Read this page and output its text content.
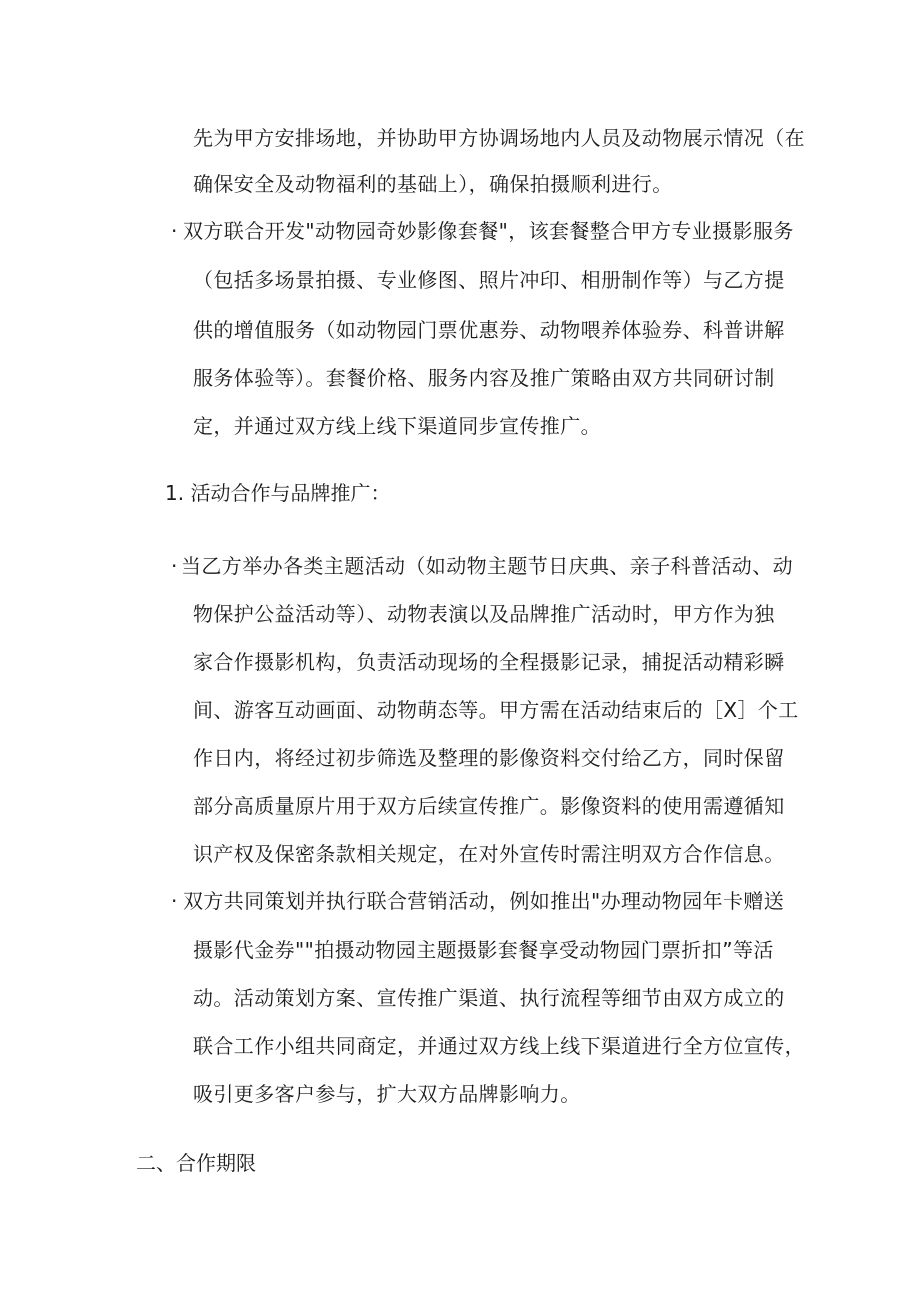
先为甲方安排场地，并协助甲方协调场地内人员及动物展示情况（在
确保安全及动物福利的基础上），确保拍摄顺利进行。
· 双方联合开发"动物园奇妙影像套餐"，该套餐整合甲方专业摄影服务
（包括多场景拍摄、专业修图、照片冲印、相册制作等）与乙方提
供的增值服务（如动物园门票优惠券、动物喂养体验券、科普讲解
服务体验等）。套餐价格、服务内容及推广策略由双方共同研讨制
定，并通过双方线上线下渠道同步宣传推广。
1. 活动合作与品牌推广：
· 当乙方举办各类主题活动（如动物主题节日庆典、亲子科普活动、动
物保护公益活动等）、动物表演以及品牌推广活动时，甲方作为独
家合作摄影机构，负责活动现场的全程摄影记录，捕捉活动精彩瞬
间、游客互动画面、动物萌态等。甲方需在活动结束后的［X］个工
作日内，将经过初步筛选及整理的影像资料交付给乙方，同时保留
部分高质量原片用于双方后续宣传推广。影像资料的使用需遵循知
识产权及保密条款相关规定，在对外宣传时需注明双方合作信息。
· 双方共同策划并执行联合营销活动，例如推出"办理动物园年卡赠送
摄影代金券""拍摄动物园主题摄影套餐享受动物园门票折扣”等活
动。活动策划方案、宣传推广渠道、执行流程等细节由双方成立的
联合工作小组共同商定，并通过双方线上线下渠道进行全方位宣传，
吸引更多客户参与，扩大双方品牌影响力。
二、合作期限
